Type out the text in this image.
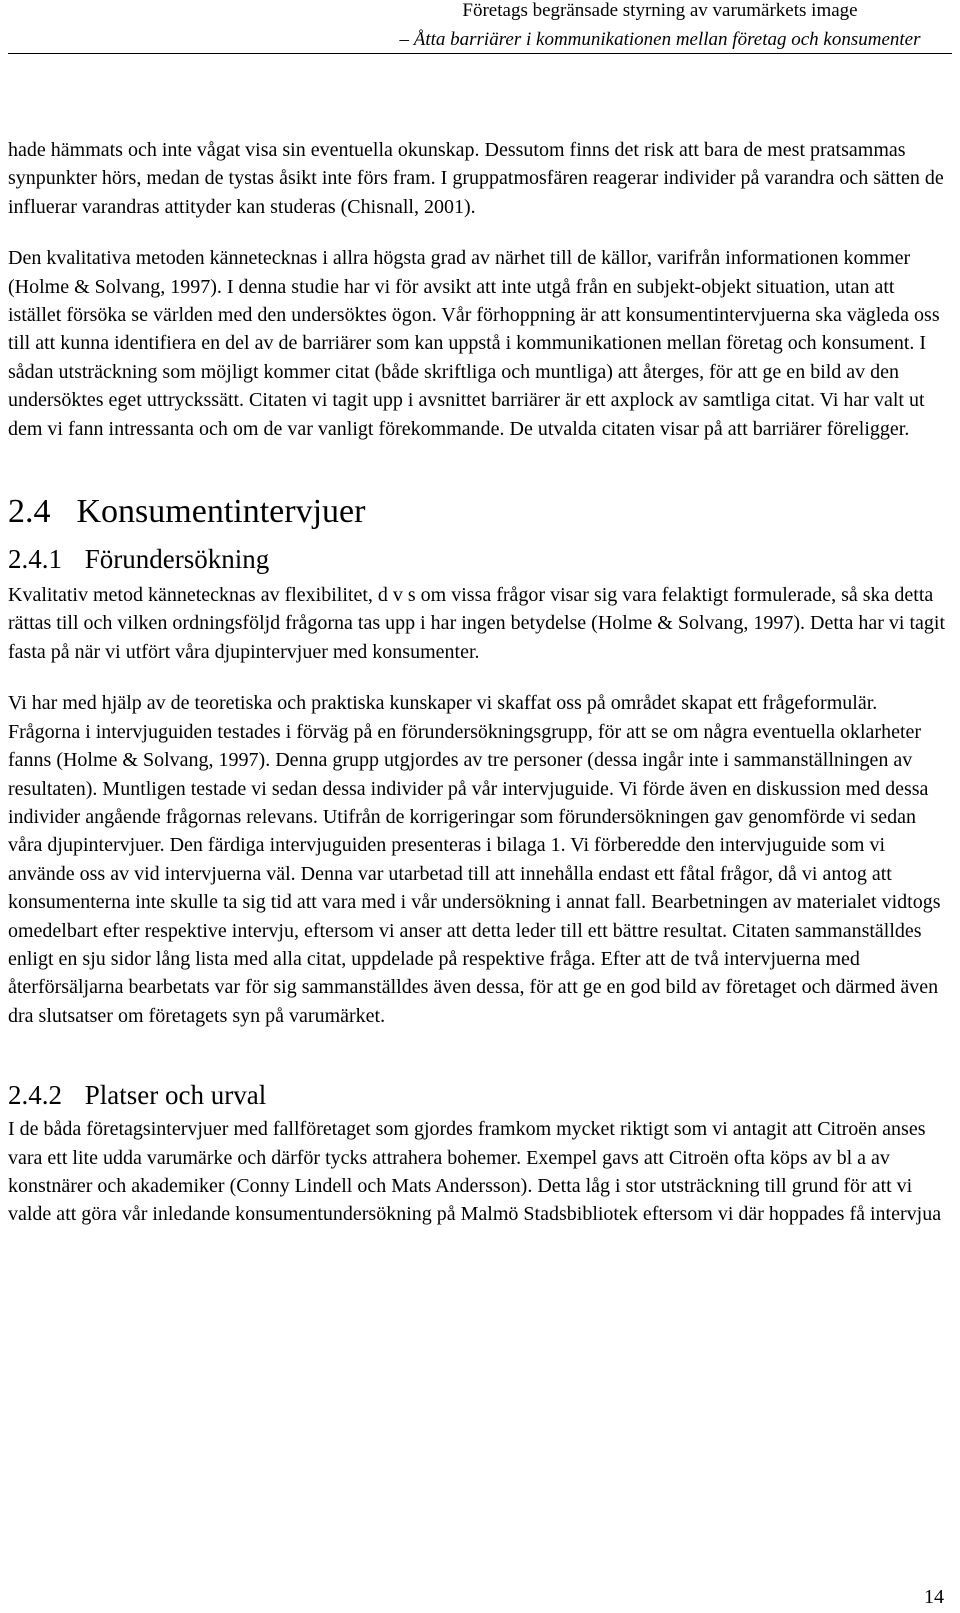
Företags begränsade styrning av varumärkets image
– Åtta barriärer i kommunikationen mellan företag och konsumenter

hade hämmats och inte vågat visa sin eventuella okunskap. Dessutom finns det risk att bara de mest pratsammas synpunkter hörs, medan de tystas åsikt inte förs fram. I gruppatmosfären reagerar individer på varandra och sätten de influerar varandras attityder kan studeras (Chisnall, 2001).

Den kvalitativa metoden kännetecknas i allra högsta grad av närhet till de källor, varifrån informationen kommer (Holme & Solvang, 1997). I denna studie har vi för avsikt att inte utgå från en subjekt-objekt situation, utan att istället försöka se världen med den undersöktes ögon. Vår förhoppning är att konsumentintervjuerna ska vägleda oss till att kunna identifiera en del av de barriärer som kan uppstå i kommunikationen mellan företag och konsument. I sådan utsträckning som möjligt kommer citat (både skriftliga och muntliga) att återges, för att ge en bild av den undersöktes eget uttryckssätt. Citaten vi tagit upp i avsnittet barriärer är ett axplock av samtliga citat. Vi har valt ut dem vi fann intressanta och om de var vanligt förekommande. De utvalda citaten visar på att barriärer föreligger.

2.4 Konsumentintervjuer
2.4.1 Förundersökning

Kvalitativ metod kännetecknas av flexibilitet, d v s om vissa frågor visar sig vara felaktigt formulerade, så ska detta rättas till och vilken ordningsföljd frågorna tas upp i har ingen betydelse (Holme & Solvang, 1997). Detta har vi tagit fasta på när vi utfört våra djupintervjuer med konsumenter.

Vi har med hjälp av de teoretiska och praktiska kunskaper vi skaffat oss på området skapat ett frågeformulär. Frågorna i intervjuguiden testades i förväg på en förundersökningsgrupp, för att se om några eventuella oklarheter fanns (Holme & Solvang, 1997). Denna grupp utgjordes av tre personer (dessa ingår inte i sammanställningen av resultaten). Muntligen testade vi sedan dessa individer på vår intervjuguide. Vi förde även en diskussion med dessa individer angående frågornas relevans. Utifrån de korrigeringar som förundersökningen gav genomförde vi sedan våra djupintervjuer. Den färdiga intervjuguiden presenteras i bilaga 1. Vi förberedde den intervjuguide som vi använde oss av vid intervjuerna väl. Denna var utarbetad till att innehålla endast ett fåtal frågor, då vi antog att konsumenterna inte skulle ta sig tid att vara med i vår undersökning i annat fall. Bearbetningen av materialet vidtogs omedelbart efter respektive intervju, eftersom vi anser att detta leder till ett bättre resultat. Citaten sammanställdes enligt en sju sidor lång lista med alla citat, uppdelade på respektive fråga. Efter att de två intervjuerna med återförsäljarna bearbetats var för sig sammanställdes även dessa, för att ge en god bild av företaget och därmed även dra slutsatser om företagets syn på varumärket.

2.4.2 Platser och urval

I de båda företagsintervjuer med fallföretaget som gjordes framkom mycket riktigt som vi antagit att Citroën anses vara ett lite udda varumärke och därför tycks attrahera bohemer. Exempel gavs att Citroën ofta köps av bl a av konstnärer och akademiker (Conny Lindell och Mats Andersson). Detta låg i stor utsträckning till grund för att vi valde att göra vår inledande konsumentundersökning på Malmö Stadsbibliotek eftersom vi där hoppades få intervjua

14
